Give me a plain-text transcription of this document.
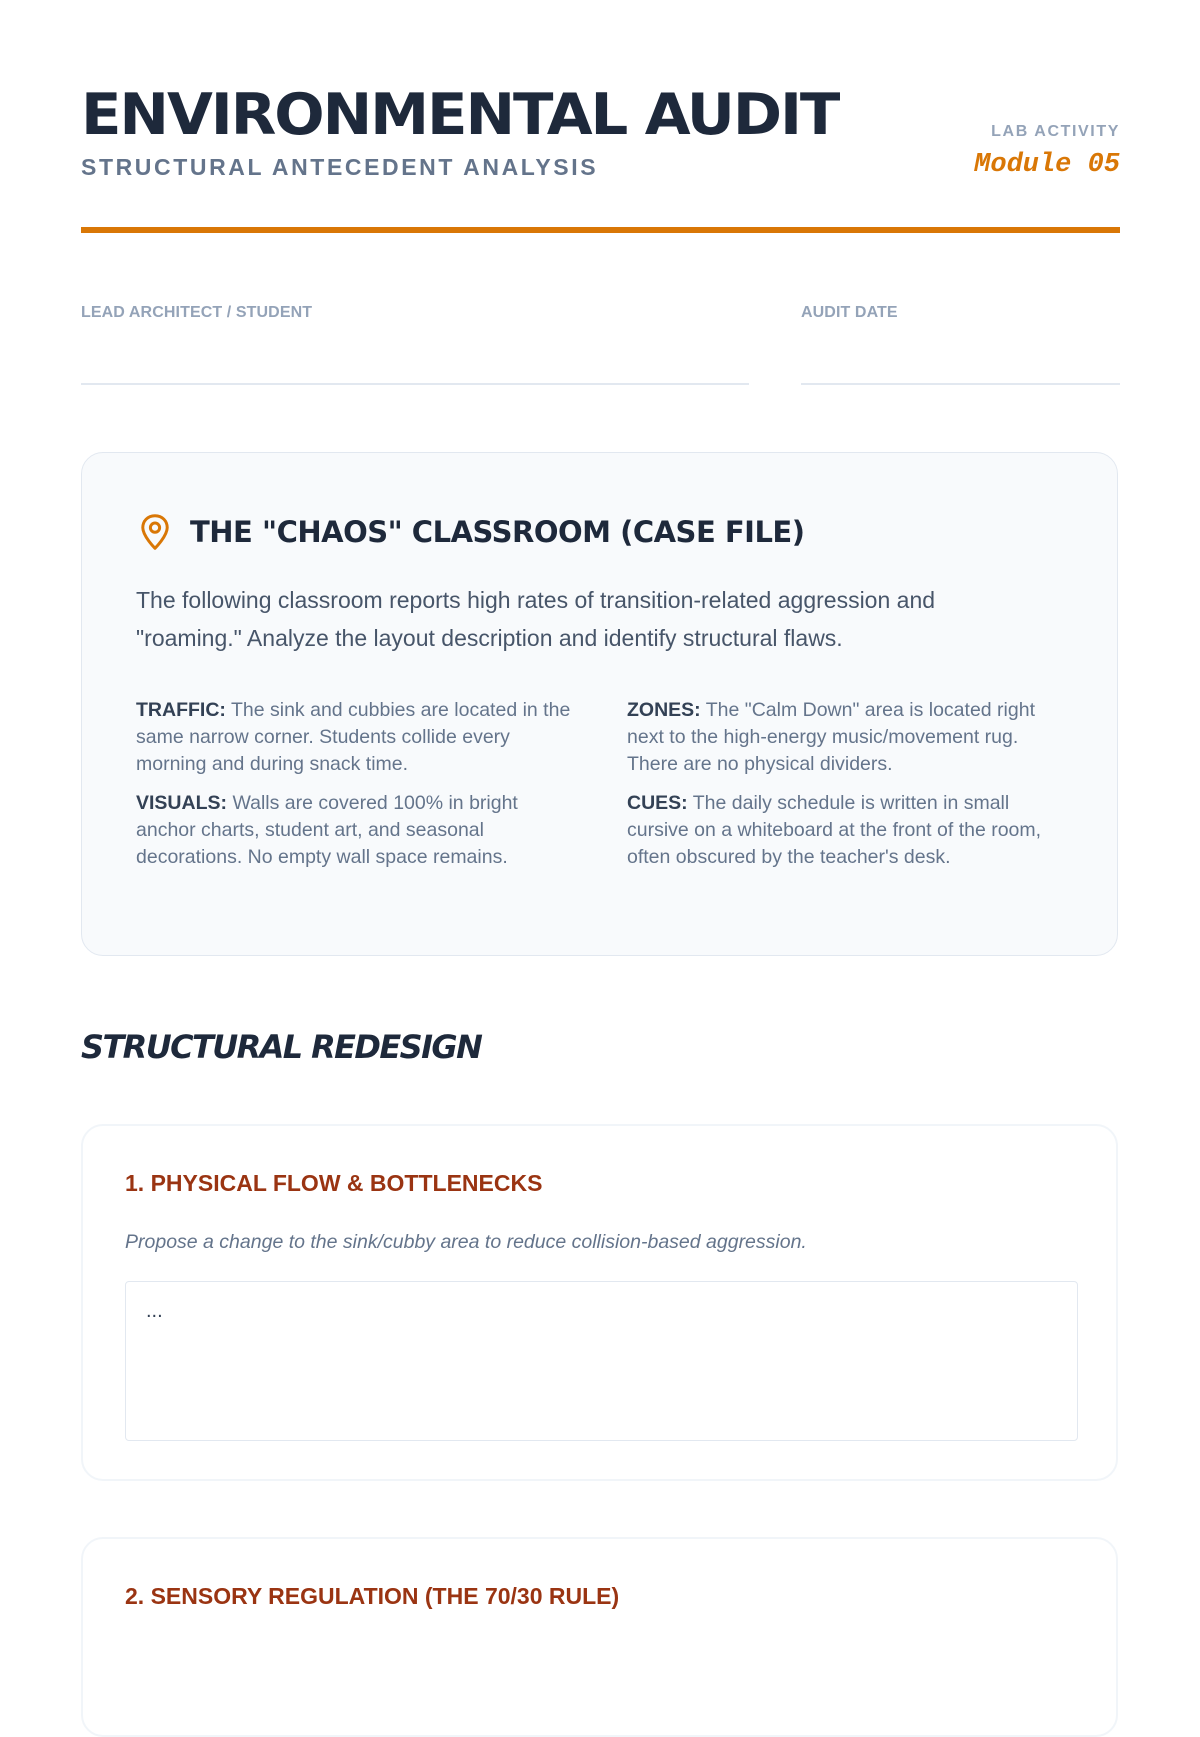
ENVIRONMENTAL AUDIT
STRUCTURAL ANTECEDENT ANALYSIS
LAB ACTIVITY
Module 05
LEAD ARCHITECT / STUDENT	AUDIT DATE
THE "CHAOS" CLASSROOM (CASE FILE)

The following classroom reports high rates of transition-related aggression and "roaming." Analyze the layout description and identify structural flaws.

TRAFFIC: The sink and cubbies are located in the same narrow corner. Students collide every morning and during snack time.

VISUALS: Walls are covered 100% in bright anchor charts, student art, and seasonal decorations. No empty wall space remains.

ZONES: The "Calm Down" area is located right next to the high-energy music/movement rug. There are no physical dividers.

CUES: The daily schedule is written in small cursive on a whiteboard at the front of the room, often obscured by the teacher's desk.

STRUCTURAL REDESIGN
1. PHYSICAL FLOW & BOTTLENECKS

Propose a change to the sink/cubby area to reduce collision-based aggression.

...
2. SENSORY REGULATION (THE 70/30 RULE)
